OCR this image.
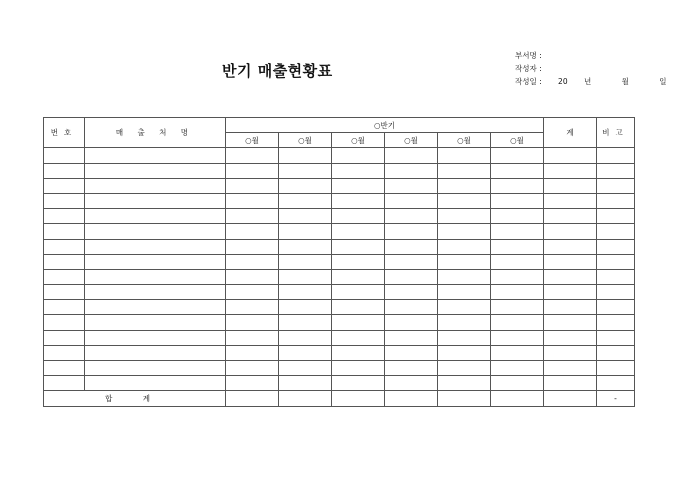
반기 매출현황표
부서명 :
작성자 :
작성일 : 20 년	월	일
번호	매 출 처 명	○반기						계	비고
		○월	○월	○월	○월	○월	○월		

합 계									-
